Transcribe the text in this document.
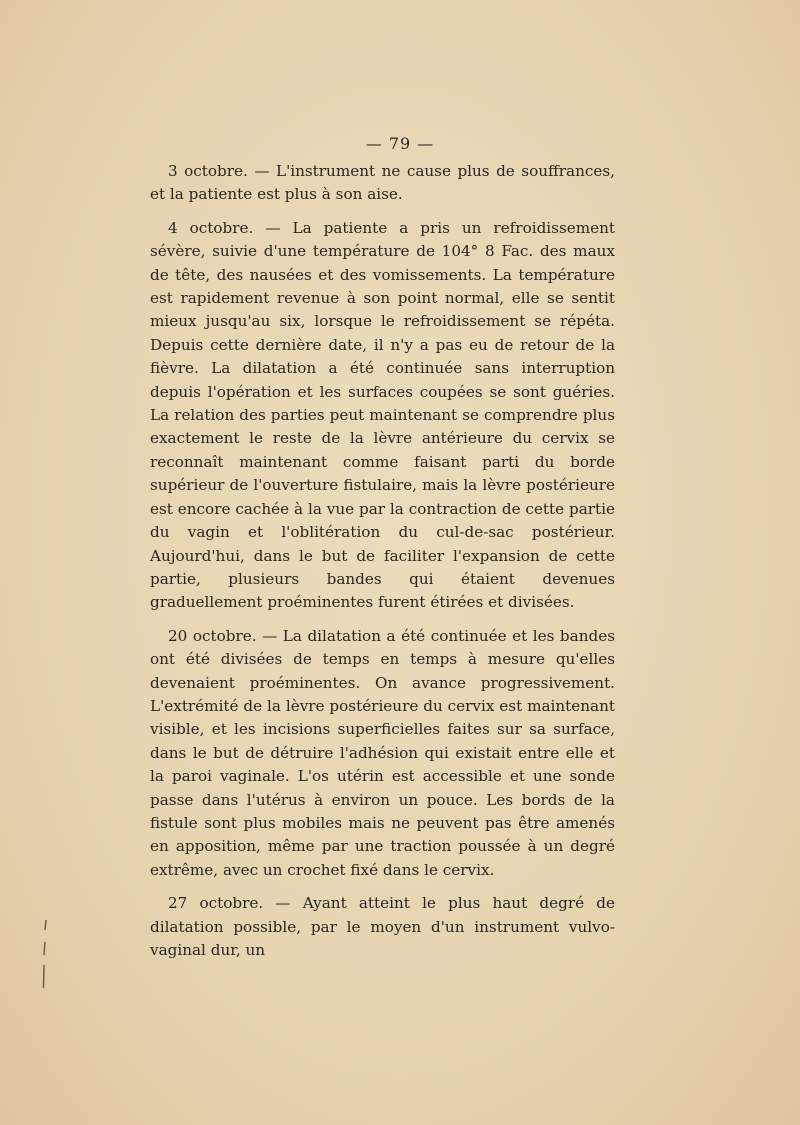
— 79 —

3 octobre. — L'instrument ne cause plus de souffrances, et la patiente est plus à son aise.

4 octobre. — La patiente a pris un refroidissement sévère, suivie d'une température de 104° 8 Fac. des maux de tête, des nausées et des vomissements. La température est rapidement revenue à son point normal, elle se sentit mieux jusqu'au six, lorsque le refroidissement se répéta. Depuis cette dernière date, il n'y a pas eu de retour de la fièvre. La dilatation a été continuée sans interruption depuis l'opération et les surfaces coupées se sont guéries. La relation des parties peut maintenant se comprendre plus exactement le reste de la lèvre antérieure du cervix se reconnaît maintenant comme faisant parti du borde supérieur de l'ouverture fistulaire, mais la lèvre postérieure est encore cachée à la vue par la contraction de cette partie du vagin et l'oblitération du cul-de-sac postérieur. Aujourd'hui, dans le but de faciliter l'expansion de cette partie, plusieurs bandes qui étaient devenues graduellement proéminentes furent étirées et divisées.

20 octobre. — La dilatation a été continuée et les bandes ont été divisées de temps en temps à mesure qu'elles devenaient proéminentes. On avance progressivement. L'extrémité de la lèvre postérieure du cervix est maintenant visible, et les incisions superficielles faites sur sa surface, dans le but de détruire l'adhésion qui existait entre elle et la paroi vaginale. L'os utérin est accessible et une sonde passe dans l'utérus à environ un pouce. Les bords de la fistule sont plus mobiles mais ne peuvent pas être amenés en apposition, même par une traction poussée à un degré extrême, avec un crochet fixé dans le cervix.

27 octobre. — Ayant atteint le plus haut degré de dilatation possible, par le moyen d'un instrument vulvo-vaginal dur, un
